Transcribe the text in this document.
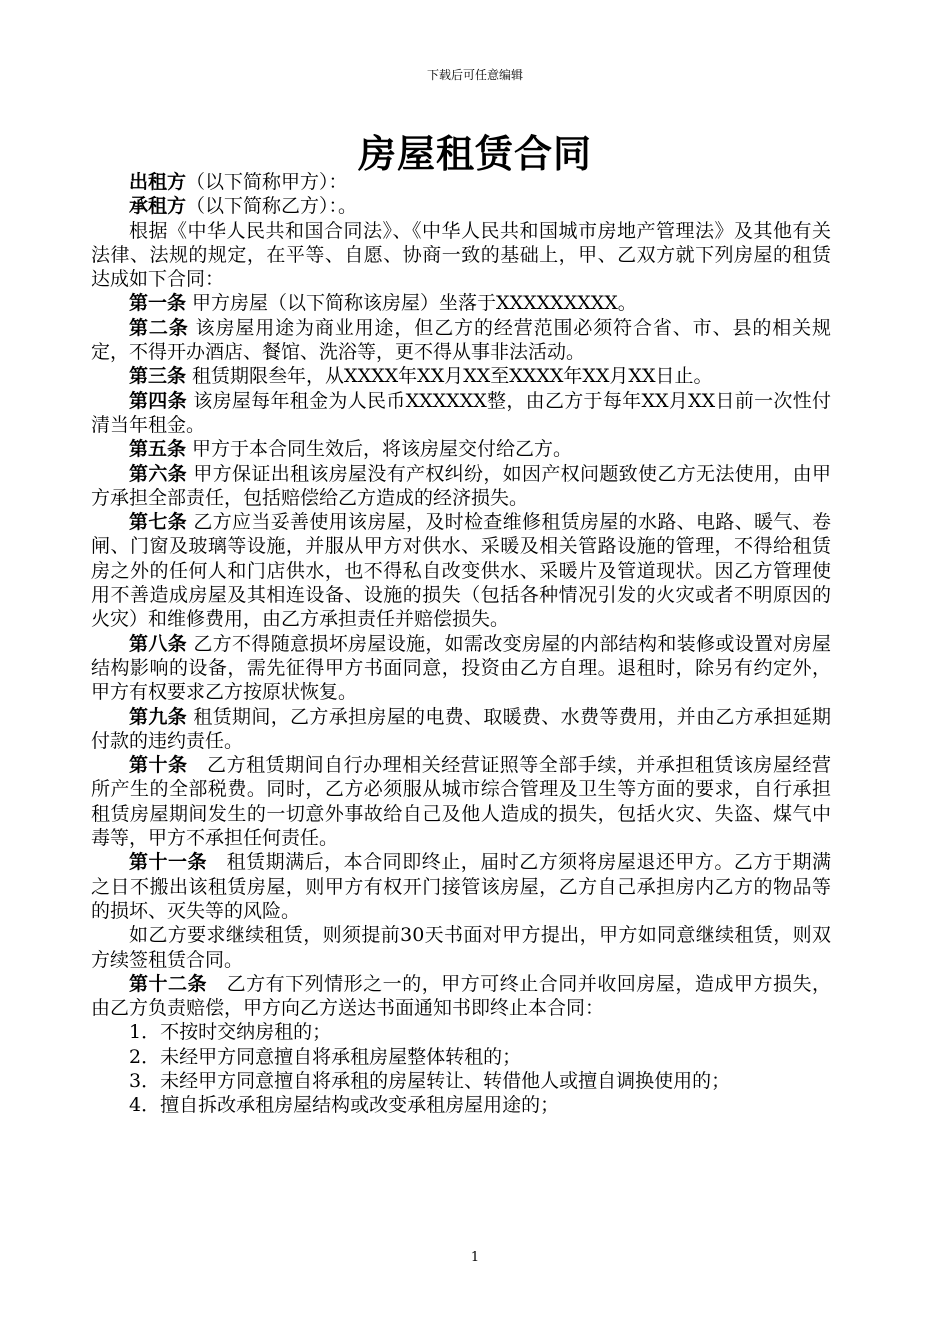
下载后可任意编辑
房屋租赁合同

出租方（以下简称甲方）：

承租方（以下简称乙方）：。

根据《中华人民共和国合同法》、《中华人民共和国城市房地产管理法》及其他有关法律、法规的规定，在平等、自愿、协商一致的基础上，甲、乙双方就下列房屋的租赁达成如下合同：

第一条 甲方房屋（以下简称该房屋）坐落于XXXXXXXXX。

第二条 该房屋用途为商业用途，但乙方的经营范围必须符合省、市、县的相关规定，不得开办酒店、餐馆、洗浴等，更不得从事非法活动。

第三条 租赁期限叁年，从XXXX年XX月XX至XXXX年XX月XX日止。

第四条 该房屋每年租金为人民币XXXXXX整，由乙方于每年XX月XX日前一次性付清当年租金。

第五条 甲方于本合同生效后，将该房屋交付给乙方。

第六条 甲方保证出租该房屋没有产权纠纷，如因产权问题致使乙方无法使用，由甲方承担全部责任，包括赔偿给乙方造成的经济损失。

第七条 乙方应当妥善使用该房屋，及时检查维修租赁房屋的水路、电路、暖气、卷闸、门窗及玻璃等设施，并服从甲方对供水、采暖及相关管路设施的管理，不得给租赁房之外的任何人和门店供水，也不得私自改变供水、采暖片及管道现状。因乙方管理使用不善造成房屋及其相连设备、设施的损失（包括各种情况引发的火灾或者不明原因的火灾）和维修费用，由乙方承担责任并赔偿损失。

第八条 乙方不得随意损坏房屋设施，如需改变房屋的内部结构和装修或设置对房屋结构影响的设备，需先征得甲方书面同意，投资由乙方自理。退租时，除另有约定外，甲方有权要求乙方按原状恢复。

第九条 租赁期间，乙方承担房屋的电费、取暖费、水费等费用，并由乙方承担延期付款的违约责任。

第十条　乙方租赁期间自行办理相关经营证照等全部手续，并承担租赁该房屋经营所产生的全部税费。同时，乙方必须服从城市综合管理及卫生等方面的要求，自行承担租赁房屋期间发生的一切意外事故给自己及他人造成的损失，包括火灾、失盗、煤气中毒等，甲方不承担任何责任。

第十一条　租赁期满后，本合同即终止，届时乙方须将房屋退还甲方。乙方于期满之日不搬出该租赁房屋，则甲方有权开门接管该房屋，乙方自己承担房内乙方的物品等的损坏、灭失等的风险。

如乙方要求继续租赁，则须提前30天书面对甲方提出，甲方如同意继续租赁，则双方续签租赁合同。

第十二条　乙方有下列情形之一的，甲方可终止合同并收回房屋，造成甲方损失，由乙方负责赔偿，甲方向乙方送达书面通知书即终止本合同：

1．不按时交纳房租的；

2．未经甲方同意擅自将承租房屋整体转租的；

3．未经甲方同意擅自将承租的房屋转让、转借他人或擅自调换使用的；

4．擅自拆改承租房屋结构或改变承租房屋用途的；

1
